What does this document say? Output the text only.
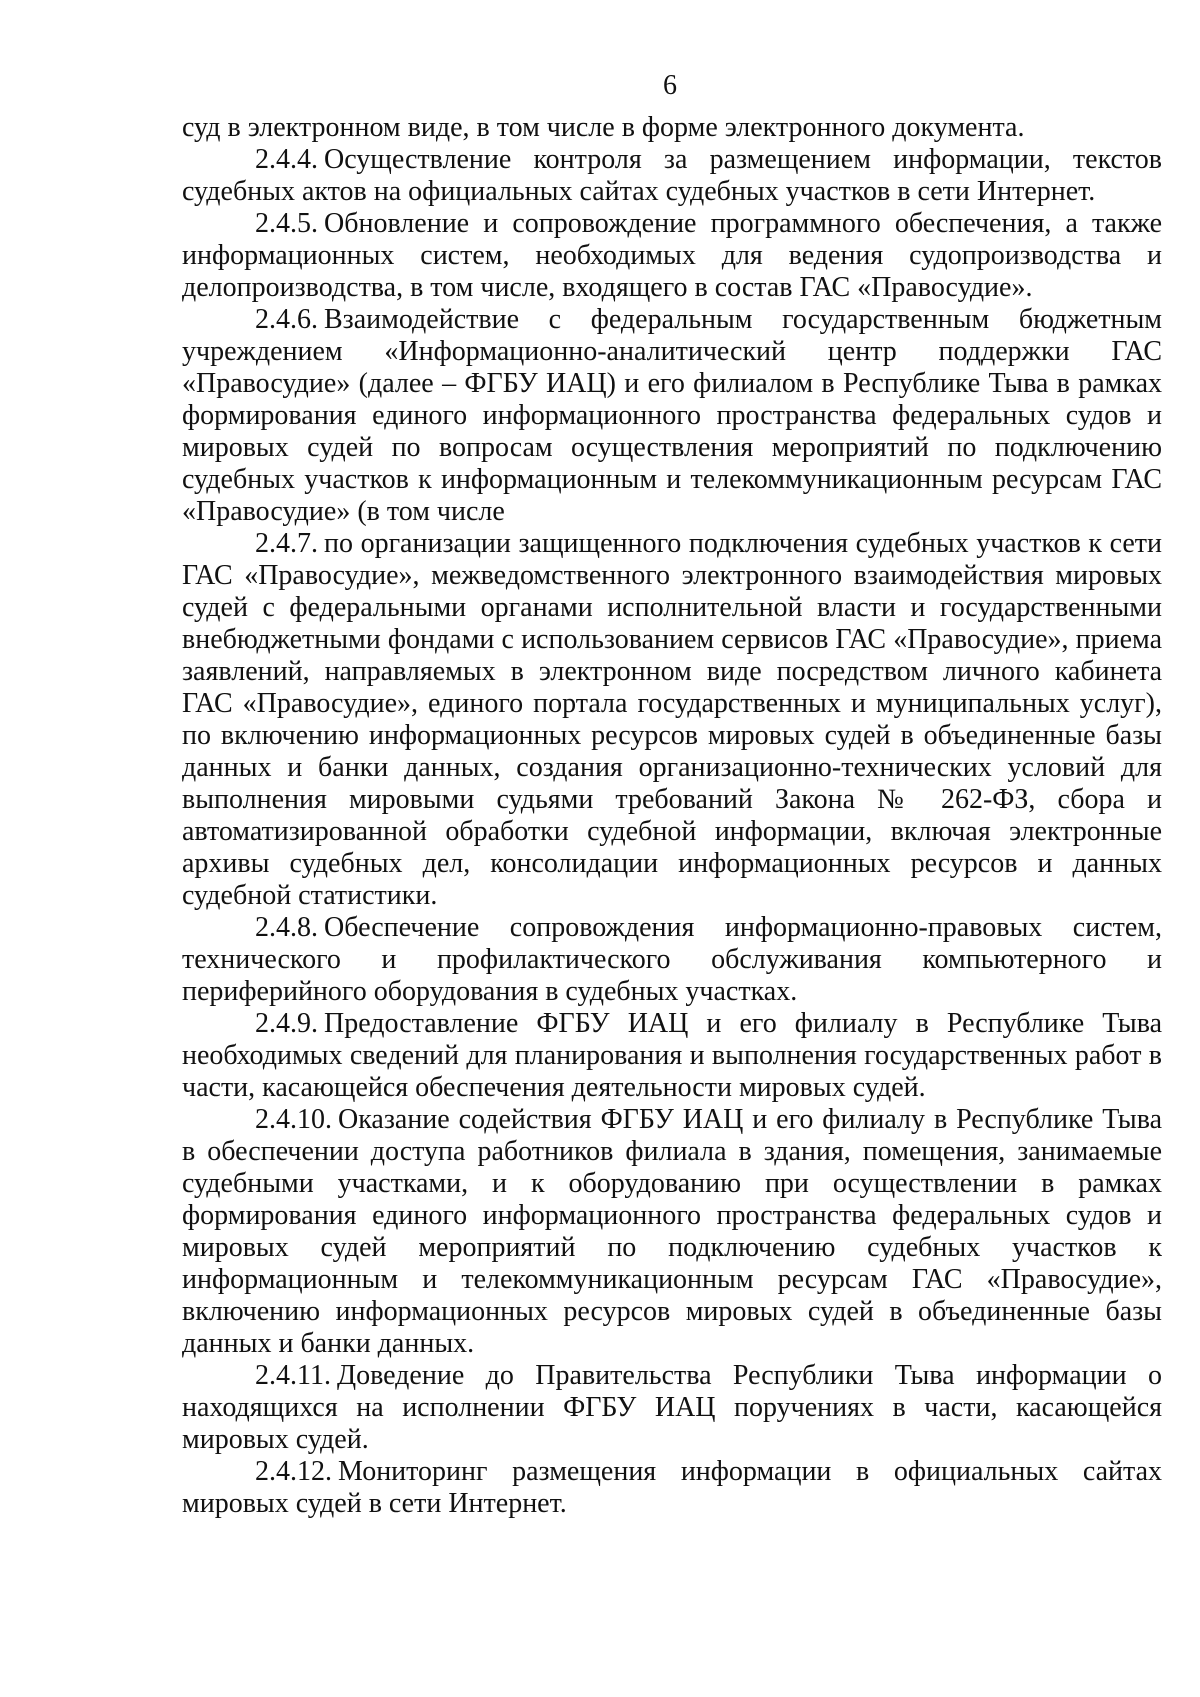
6

суд в электронном виде, в том числе в форме электронного документа.

2.4.4. Осуществление контроля за размещением информации, текстов судебных актов на официальных сайтах судебных участков в сети Интернет.

2.4.5. Обновление и сопровождение программного обеспечения, а также информационных систем, необходимых для ведения судопроизводства и делопроизводства, в том числе, входящего в состав ГАС «Правосудие».

2.4.6. Взаимодействие с федеральным государственным бюджетным учреждением «Информационно-аналитический центр поддержки ГАС «Правосудие» (далее – ФГБУ ИАЦ) и его филиалом в Республике Тыва в рамках формирования единого информационного пространства федеральных судов и мировых судей по вопросам осуществления мероприятий по подключению судебных участков к информационным и телекоммуникационным ресурсам ГАС «Правосудие» (в том числе

2.4.7. по организации защищенного подключения судебных участков к сети ГАС «Правосудие», межведомственного электронного взаимодействия мировых судей с федеральными органами исполнительной власти и государственными внебюджетными фондами с использованием сервисов ГАС «Правосудие», приема заявлений, направляемых в электронном виде посредством личного кабинета ГАС «Правосудие», единого портала государственных и муниципальных услуг), по включению информационных ресурсов мировых судей в объединенные базы данных и банки данных, создания организационно-технических условий для выполнения мировыми судьями требований Закона № 262-ФЗ, сбора и автоматизированной обработки судебной информации, включая электронные архивы судебных дел, консолидации информационных ресурсов и данных судебной статистики.

2.4.8. Обеспечение сопровождения информационно-правовых систем, технического и профилактического обслуживания компьютерного и периферийного оборудования в судебных участках.

2.4.9. Предоставление ФГБУ ИАЦ и его филиалу в Республике Тыва необходимых сведений для планирования и выполнения государственных работ в части, касающейся обеспечения деятельности мировых судей.

2.4.10. Оказание содействия ФГБУ ИАЦ и его филиалу в Республике Тыва в обеспечении доступа работников филиала в здания, помещения, занимаемые судебными участками, и к оборудованию при осуществлении в рамках формирования единого информационного пространства федеральных судов и мировых судей мероприятий по подключению судебных участков к информационным и телекоммуникационным ресурсам ГАС «Правосудие», включению информационных ресурсов мировых судей в объединенные базы данных и банки данных.

2.4.11. Доведение до Правительства Республики Тыва информации о находящихся на исполнении ФГБУ ИАЦ поручениях в части, касающейся мировых судей.

2.4.12. Мониторинг размещения информации в официальных сайтах мировых судей в сети Интернет.
